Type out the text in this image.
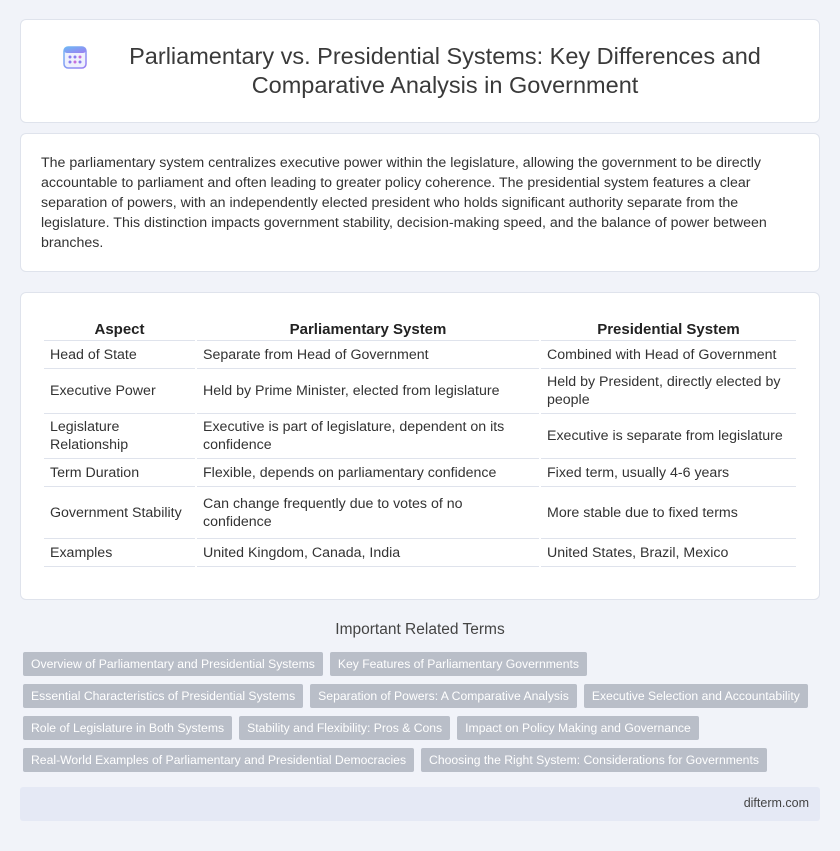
Parliamentary vs. Presidential Systems: Key Differences and Comparative Analysis in Government

The parliamentary system centralizes executive power within the legislature, allowing the government to be directly accountable to parliament and often leading to greater policy coherence. The presidential system features a clear separation of powers, with an independently elected president who holds significant authority separate from the legislature. This distinction impacts government stability, decision-making speed, and the balance of power between branches.

Aspect	Parliamentary System	Presidential System
Head of State	Separate from Head of Government	Combined with Head of Government
Executive Power	Held by Prime Minister, elected from legislature	Held by President, directly elected by people
Legislature Relationship	Executive is part of legislature, dependent on its confidence	Executive is separate from legislature
Term Duration	Flexible, depends on parliamentary confidence	Fixed term, usually 4-6 years
Government Stability	Can change frequently due to votes of no confidence	More stable due to fixed terms
Examples	United Kingdom, Canada, India	United States, Brazil, Mexico
Important Related Terms
Overview of Parliamentary and Presidential Systems	Key Features of Parliamentary Governments
Essential Characteristics of Presidential Systems	Separation of Powers: A Comparative Analysis	Executive Selection and Accountability
Role of Legislature in Both Systems	Stability and Flexibility: Pros & Cons	Impact on Policy Making and Governance
Real-World Examples of Parliamentary and Presidential Democracies	Choosing the Right System: Considerations for Governments
difterm.com
